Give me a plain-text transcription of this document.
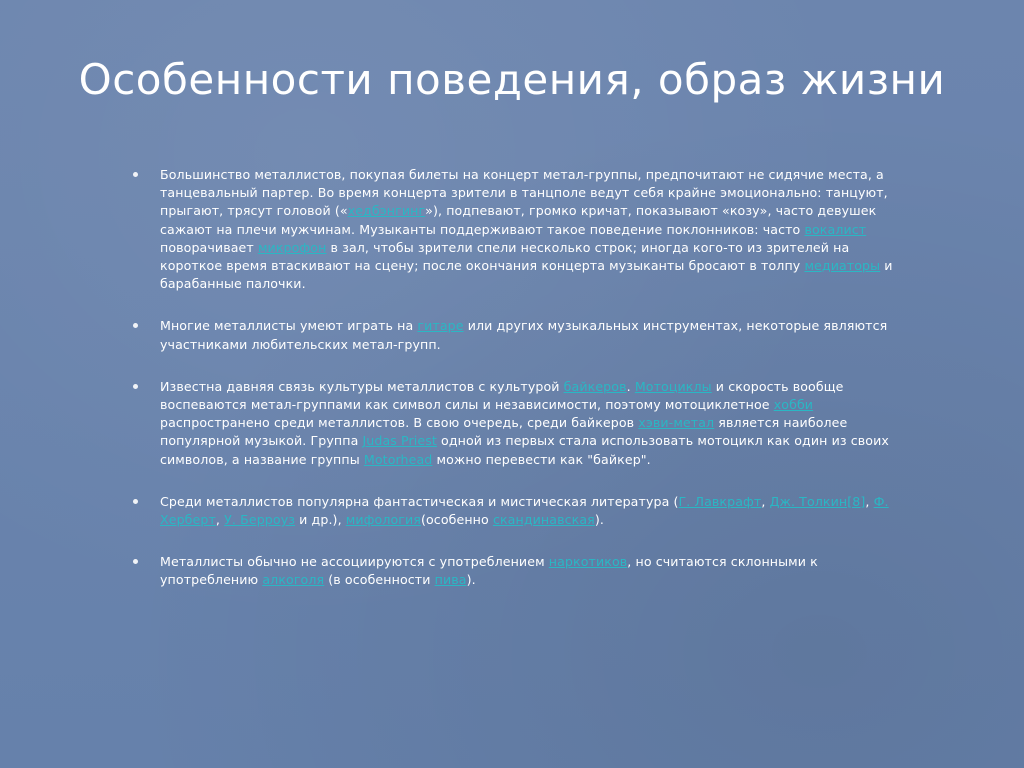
Особенности поведения, образ жизни
Большинство металлистов, покупая билеты на концерт метал-группы, предпочитают не сидячие места, а танцевальный партер. Во время концерта зрители в танцполе ведут себя крайне эмоционально: танцуют, прыгают, трясут головой («хедбэнгинг»), подпевают, громко кричат, показывают «козу», часто девушек сажают на плечи мужчинам. Музыканты поддерживают такое поведение поклонников: часто вокалист поворачивает микрофон в зал, чтобы зрители спели несколько строк; иногда кого-то из зрителей на короткое время втаскивают на сцену; после окончания концерта музыканты бросают в толпу медиаторы и барабанные палочки.
Многие металлисты умеют играть на гитаре или других музыкальных инструментах, некоторые являются участниками любительских метал-групп.
Известна давняя связь культуры металлистов с культурой байкеров. Мотоциклы и скорость вообще воспеваются метал-группами как символ силы и независимости, поэтому мотоциклетное хобби распространено среди металлистов. В свою очередь, среди байкеров хэви-метал является наиболее популярной музыкой. Группа Judas Priest одной из первых стала использовать мотоцикл как один из своих символов, а название группы Motorhead можно перевести как "байкер".
Среди металлистов популярна фантастическая и мистическая литература (Г. Лавкрафт, Дж. Толкин[8], Ф. Херберт, У. Берроуз и др.), мифология(особенно скандинавская).
Металлисты обычно не ассоциируются с употреблением наркотиков, но считаются склонными к употреблению алкоголя (в особенности пива).
